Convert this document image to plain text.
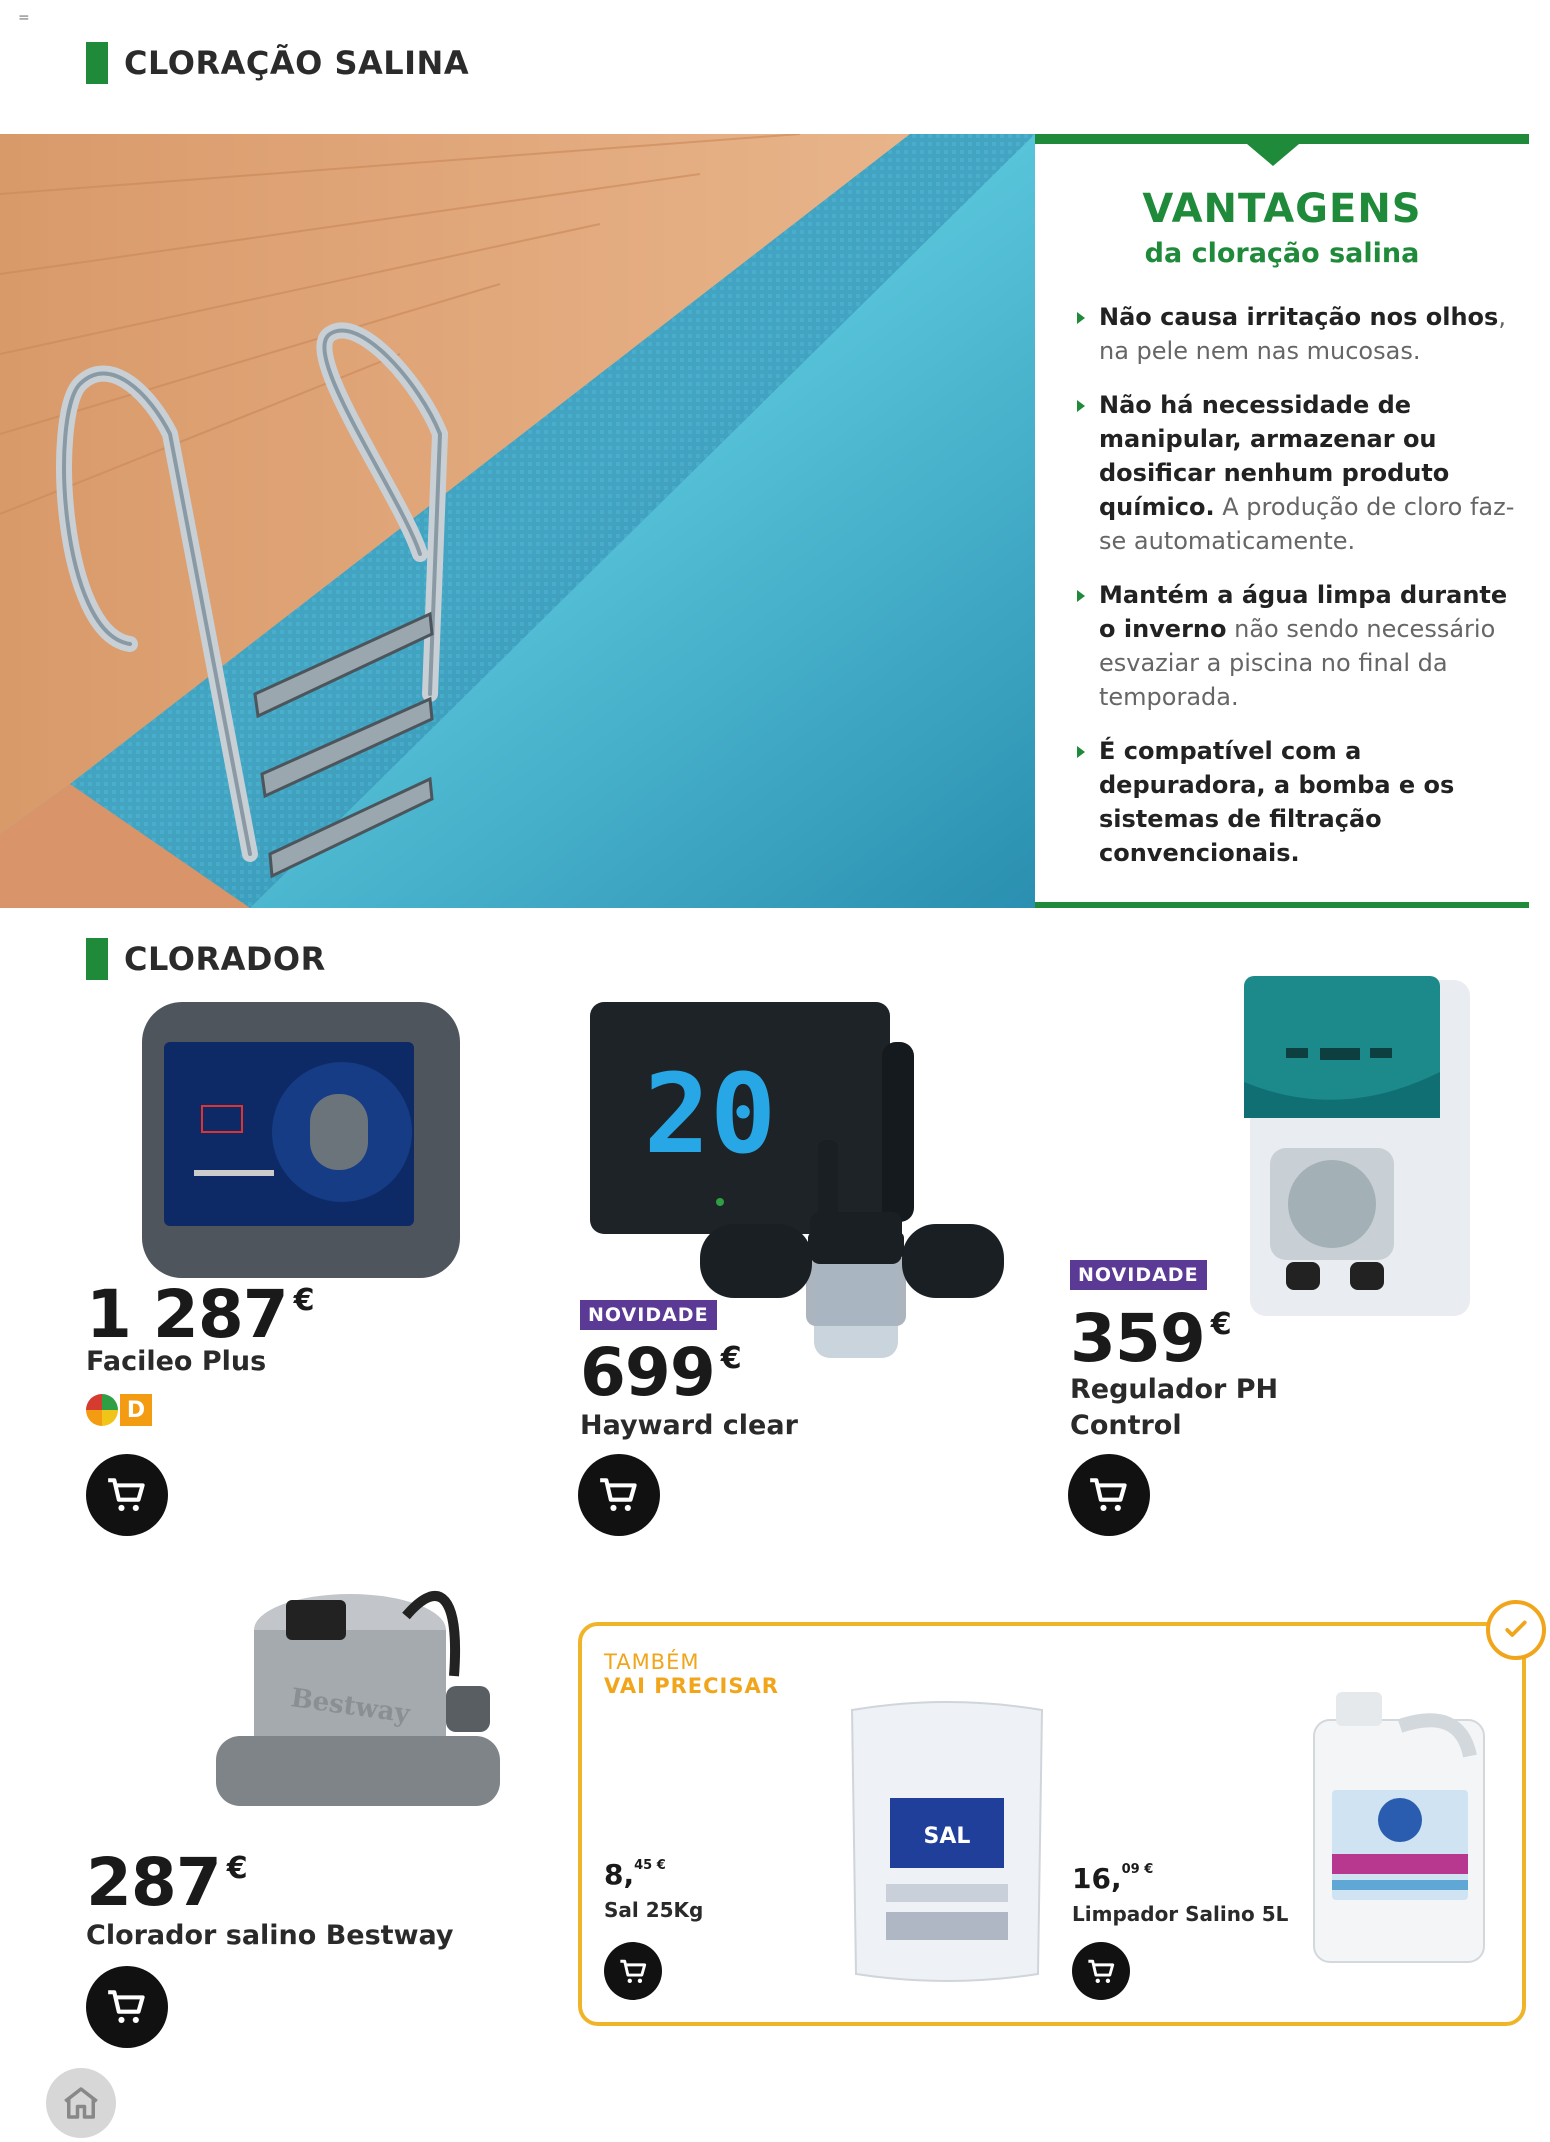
=
CLORAÇÃO SALINA
VANTAGENS
da cloração salina
Não causa irritação nos olhos, na pele nem nas mucosas.
Não há necessidade de manipular, armazenar ou dosificar nenhum produto químico. A produção de cloro faz-se automaticamente.
Mantém a água limpa durante o inverno não sendo necessário esvaziar a piscina no final da temporada.
É compatível com a depuradora, a bomba e os sistemas de filtração convencionais.
CLORADOR
1 287 €
Facileo Plus
D
20
NOVIDADE
699 €
Hayward clear
NOVIDADE
359 €
Regulador PH
Control
Bestway
287 €
Clorador salino Bestway
TAMBÉM
VAI PRECISAR
SAL
8,$^{45 €}$
Sal 25Kg
16,$^{09 €}$
Limpador Salino 5L
